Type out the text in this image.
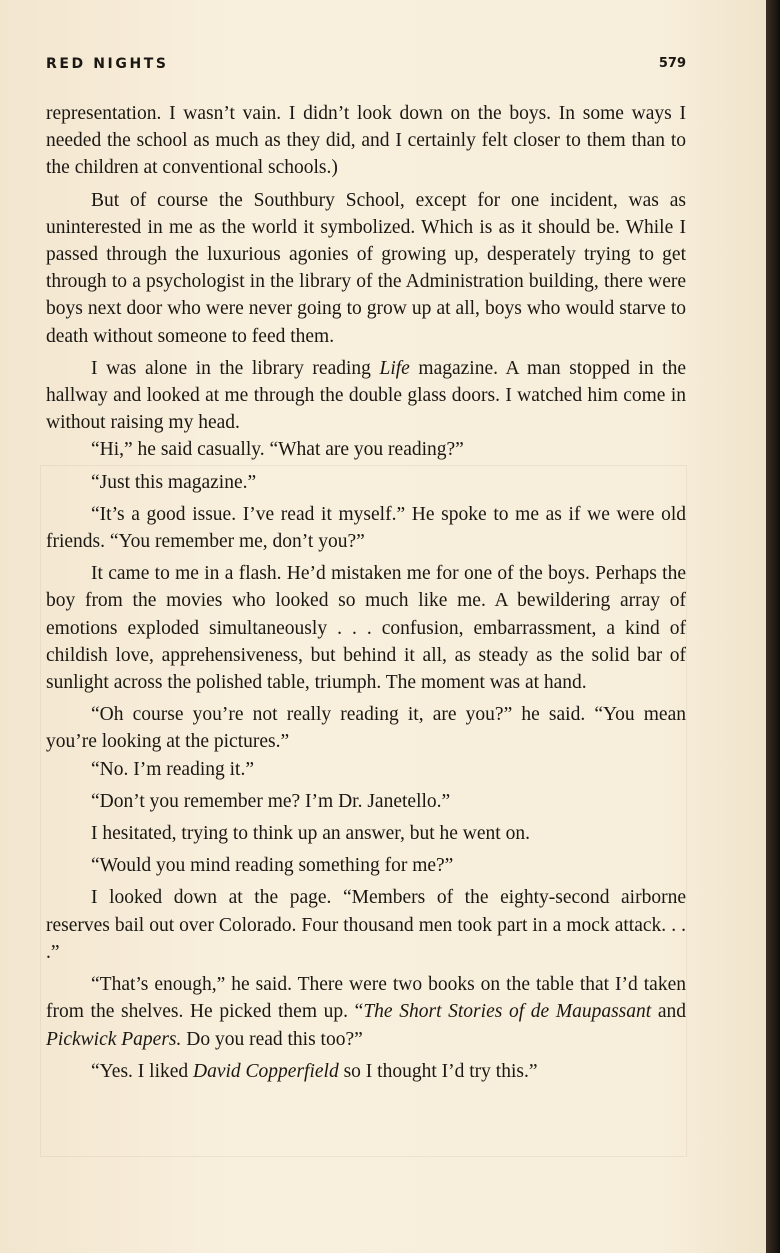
RED NIGHTS	579

representation. I wasn’t vain. I didn’t look down on the boys. In some ways I needed the school as much as they did, and I certainly felt closer to them than to the children at conventional schools.)

But of course the Southbury School, except for one incident, was as uninterested in me as the world it symbolized. Which is as it should be. While I passed through the luxurious agonies of growing up, desperately trying to get through to a psychologist in the library of the Administration building, there were boys next door who were never going to grow up at all, boys who would starve to death without someone to feed them.

I was alone in the library reading Life magazine. A man stopped in the hallway and looked at me through the double glass doors. I watched him come in without raising my head.

“Hi,” he said casually. “What are you reading?”

“Just this magazine.”

“It’s a good issue. I’ve read it myself.” He spoke to me as if we were old friends. “You remember me, don’t you?”

It came to me in a flash. He’d mistaken me for one of the boys. Perhaps the boy from the movies who looked so much like me. A bewildering array of emotions exploded simultaneously . . . confusion, embarrassment, a kind of childish love, apprehensiveness, but behind it all, as steady as the solid bar of sunlight across the polished table, triumph. The moment was at hand.

“Oh course you’re not really reading it, are you?” he said. “You mean you’re looking at the pictures.”

“No. I’m reading it.”

“Don’t you remember me? I’m Dr. Janetello.”

I hesitated, trying to think up an answer, but he went on.

“Would you mind reading something for me?”

I looked down at the page. “Members of the eighty-second airborne reserves bail out over Colorado. Four thousand men took part in a mock attack. . . .”

“That’s enough,” he said. There were two books on the table that I’d taken from the shelves. He picked them up. “The Short Stories of de Maupassant and Pickwick Papers. Do you read this too?”

“Yes. I liked David Copperfield so I thought I’d try this.”
